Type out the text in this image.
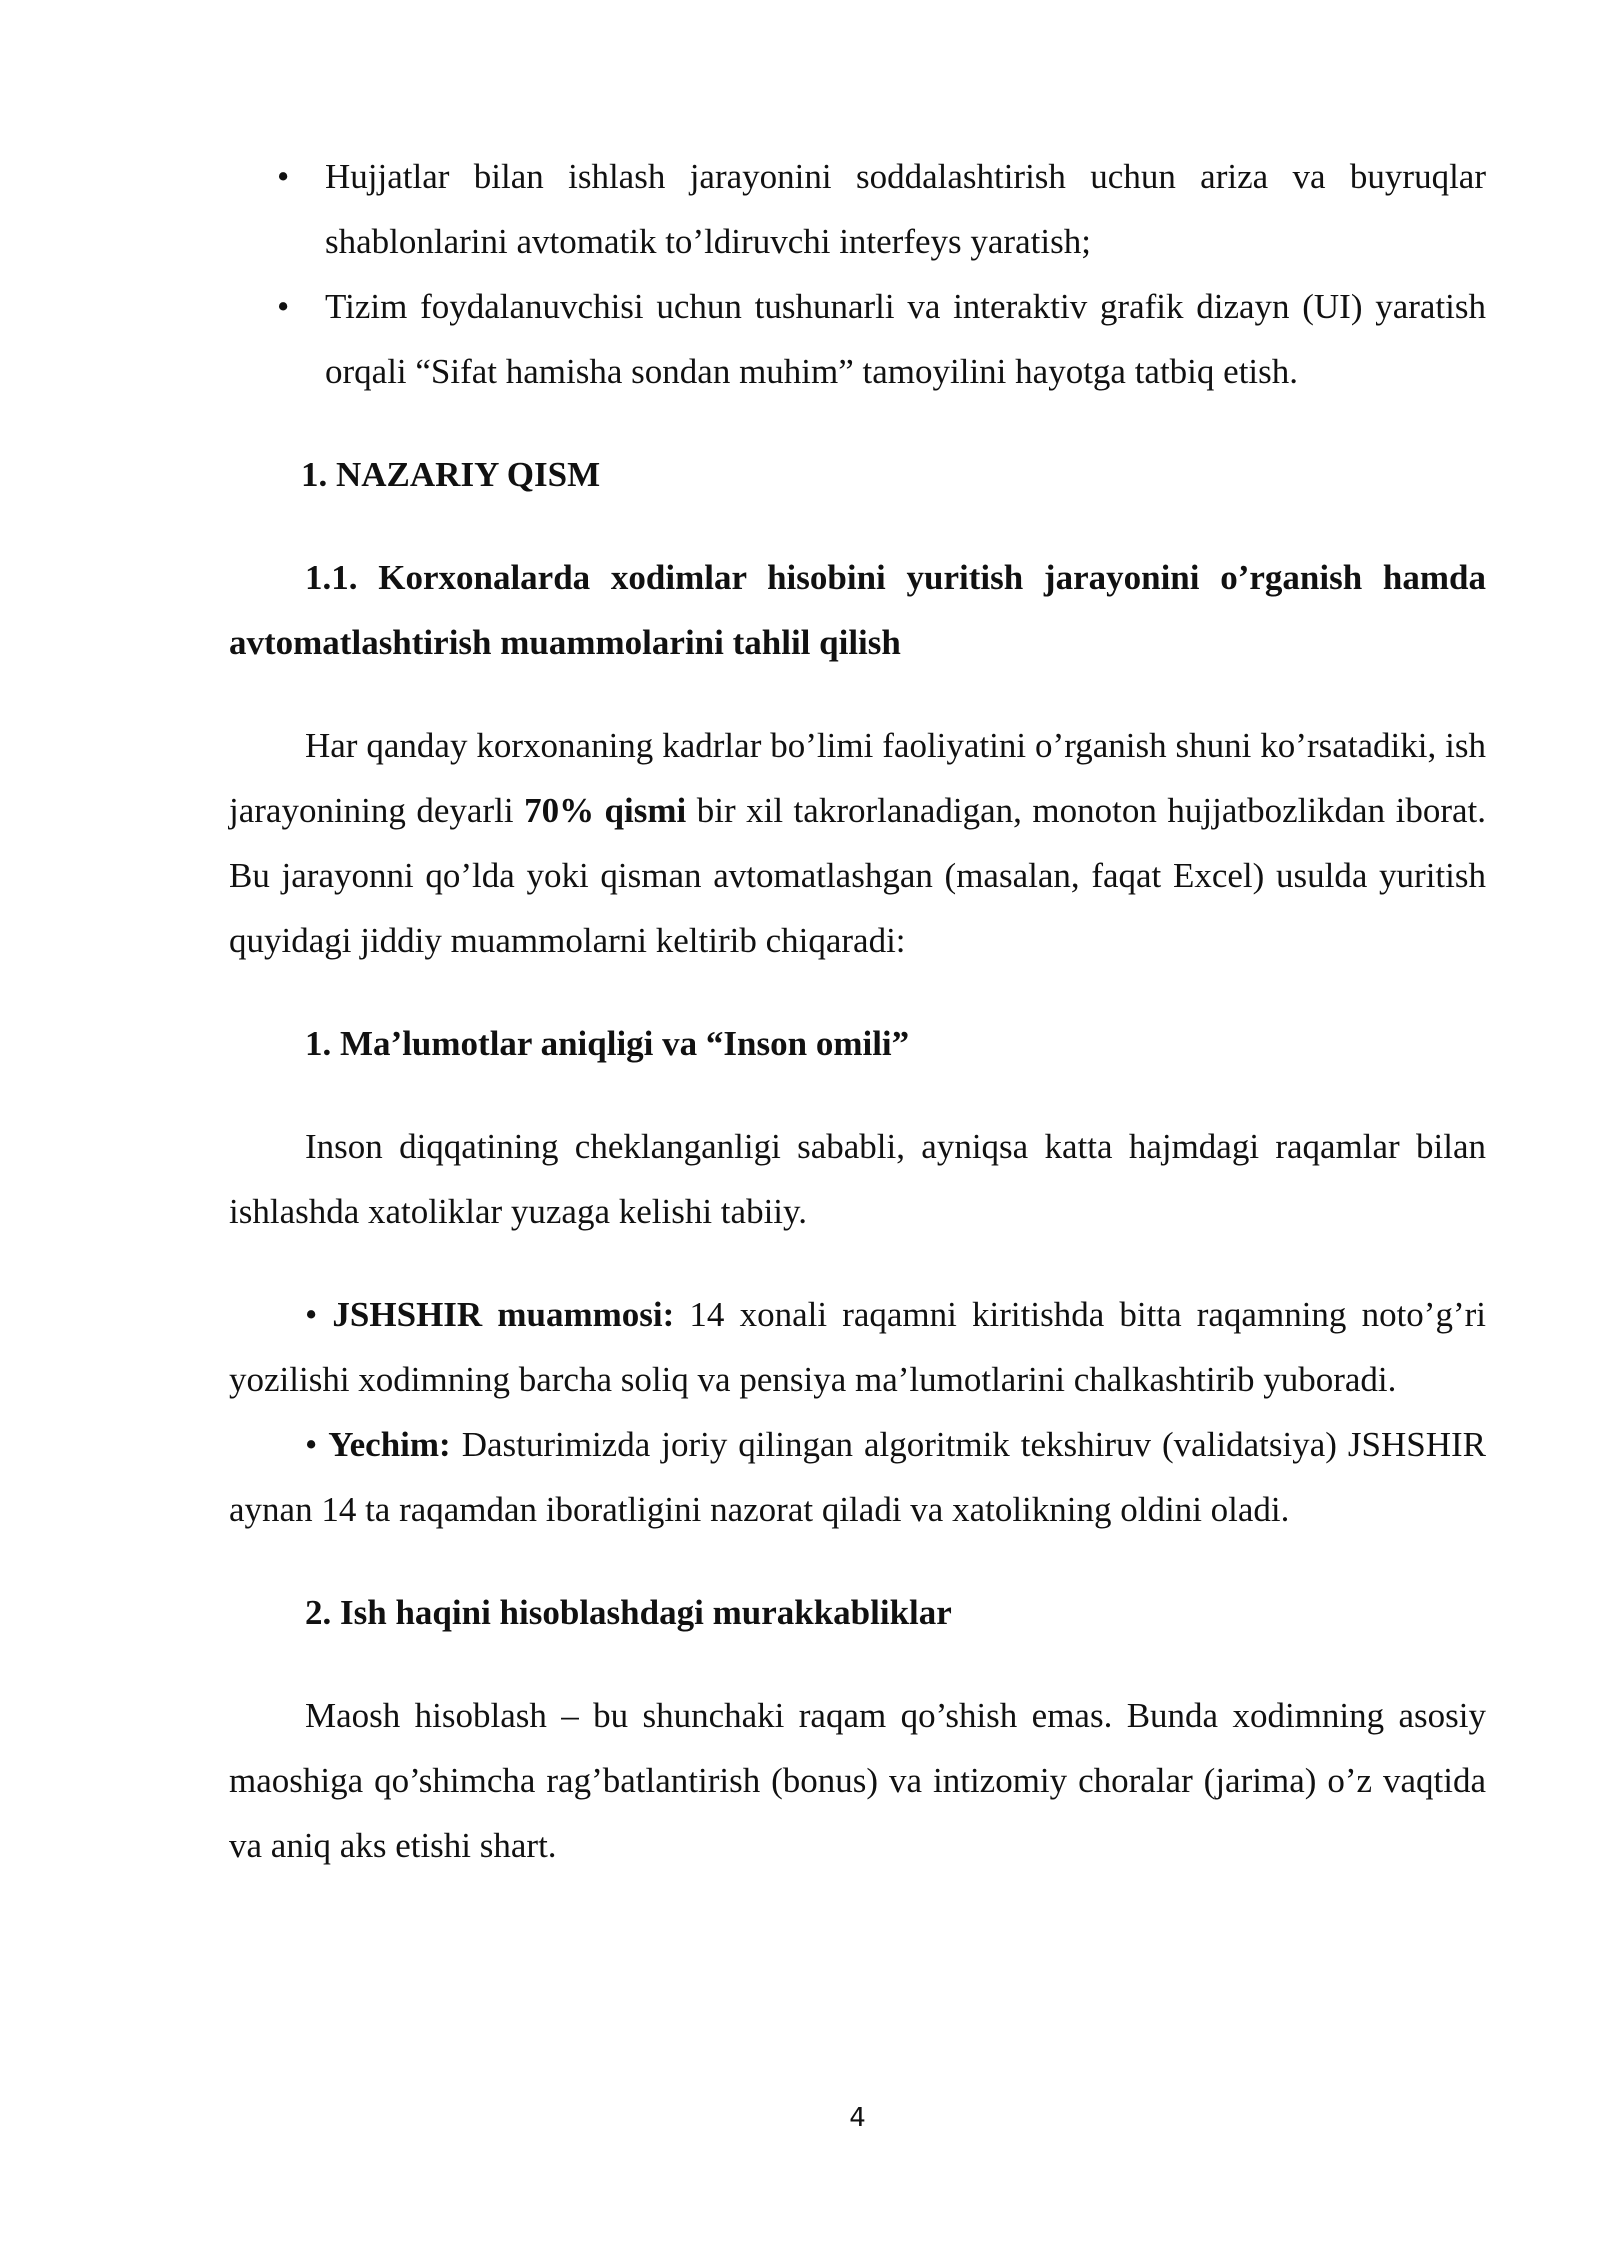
• Hujjatlar bilan ishlash jarayonini soddalashtirish uchun ariza va buyruqlar shablonlarini avtomatik to’ldiruvchi interfeys yaratish;
• Tizim foydalanuvchisi uchun tushunarli va interaktiv grafik dizayn (UI) yaratish orqali “Sifat hamisha sondan muhim” tamoyilini hayotga tatbiq etish.

1. NAZARIY QISM

1.1. Korxonalarda xodimlar hisobini yuritish jarayonini o’rganish hamda avtomatlashtirish muammolarini tahlil qilish

Har qanday korxonaning kadrlar bo’limi faoliyatini o’rganish shuni ko’rsatadiki, ish jarayonining deyarli 70% qismi bir xil takrorlanadigan, monoton hujjatbozlikdan iborat. Bu jarayonni qo’lda yoki qisman avtomatlashgan (masalan, faqat Excel) usulda yuritish quyidagi jiddiy muammolarni keltirib chiqaradi:

1. Ma’lumotlar aniqligi va “Inson omili”

Inson diqqatining cheklanganligi sababli, ayniqsa katta hajmdagi raqamlar bilan ishlashda xatoliklar yuzaga kelishi tabiiy.

• JSHSHIR muammosi: 14 xonali raqamni kiritishda bitta raqamning noto’g’ri yozilishi xodimning barcha soliq va pensiya ma’lumotlarini chalkashtirib yuboradi.

• Yechim: Dasturimizda joriy qilingan algoritmik tekshiruv (validatsiya) JSHSHIR aynan 14 ta raqamdan iboratligini nazorat qiladi va xatolikning oldini oladi.

2. Ish haqini hisoblashdagi murakkabliklar

Maosh hisoblash – bu shunchaki raqam qo’shish emas. Bunda xodimning asosiy maoshiga qo’shimcha rag’batlantirish (bonus) va intizomiy choralar (jarima) o’z vaqtida va aniq aks etishi shart.

4
